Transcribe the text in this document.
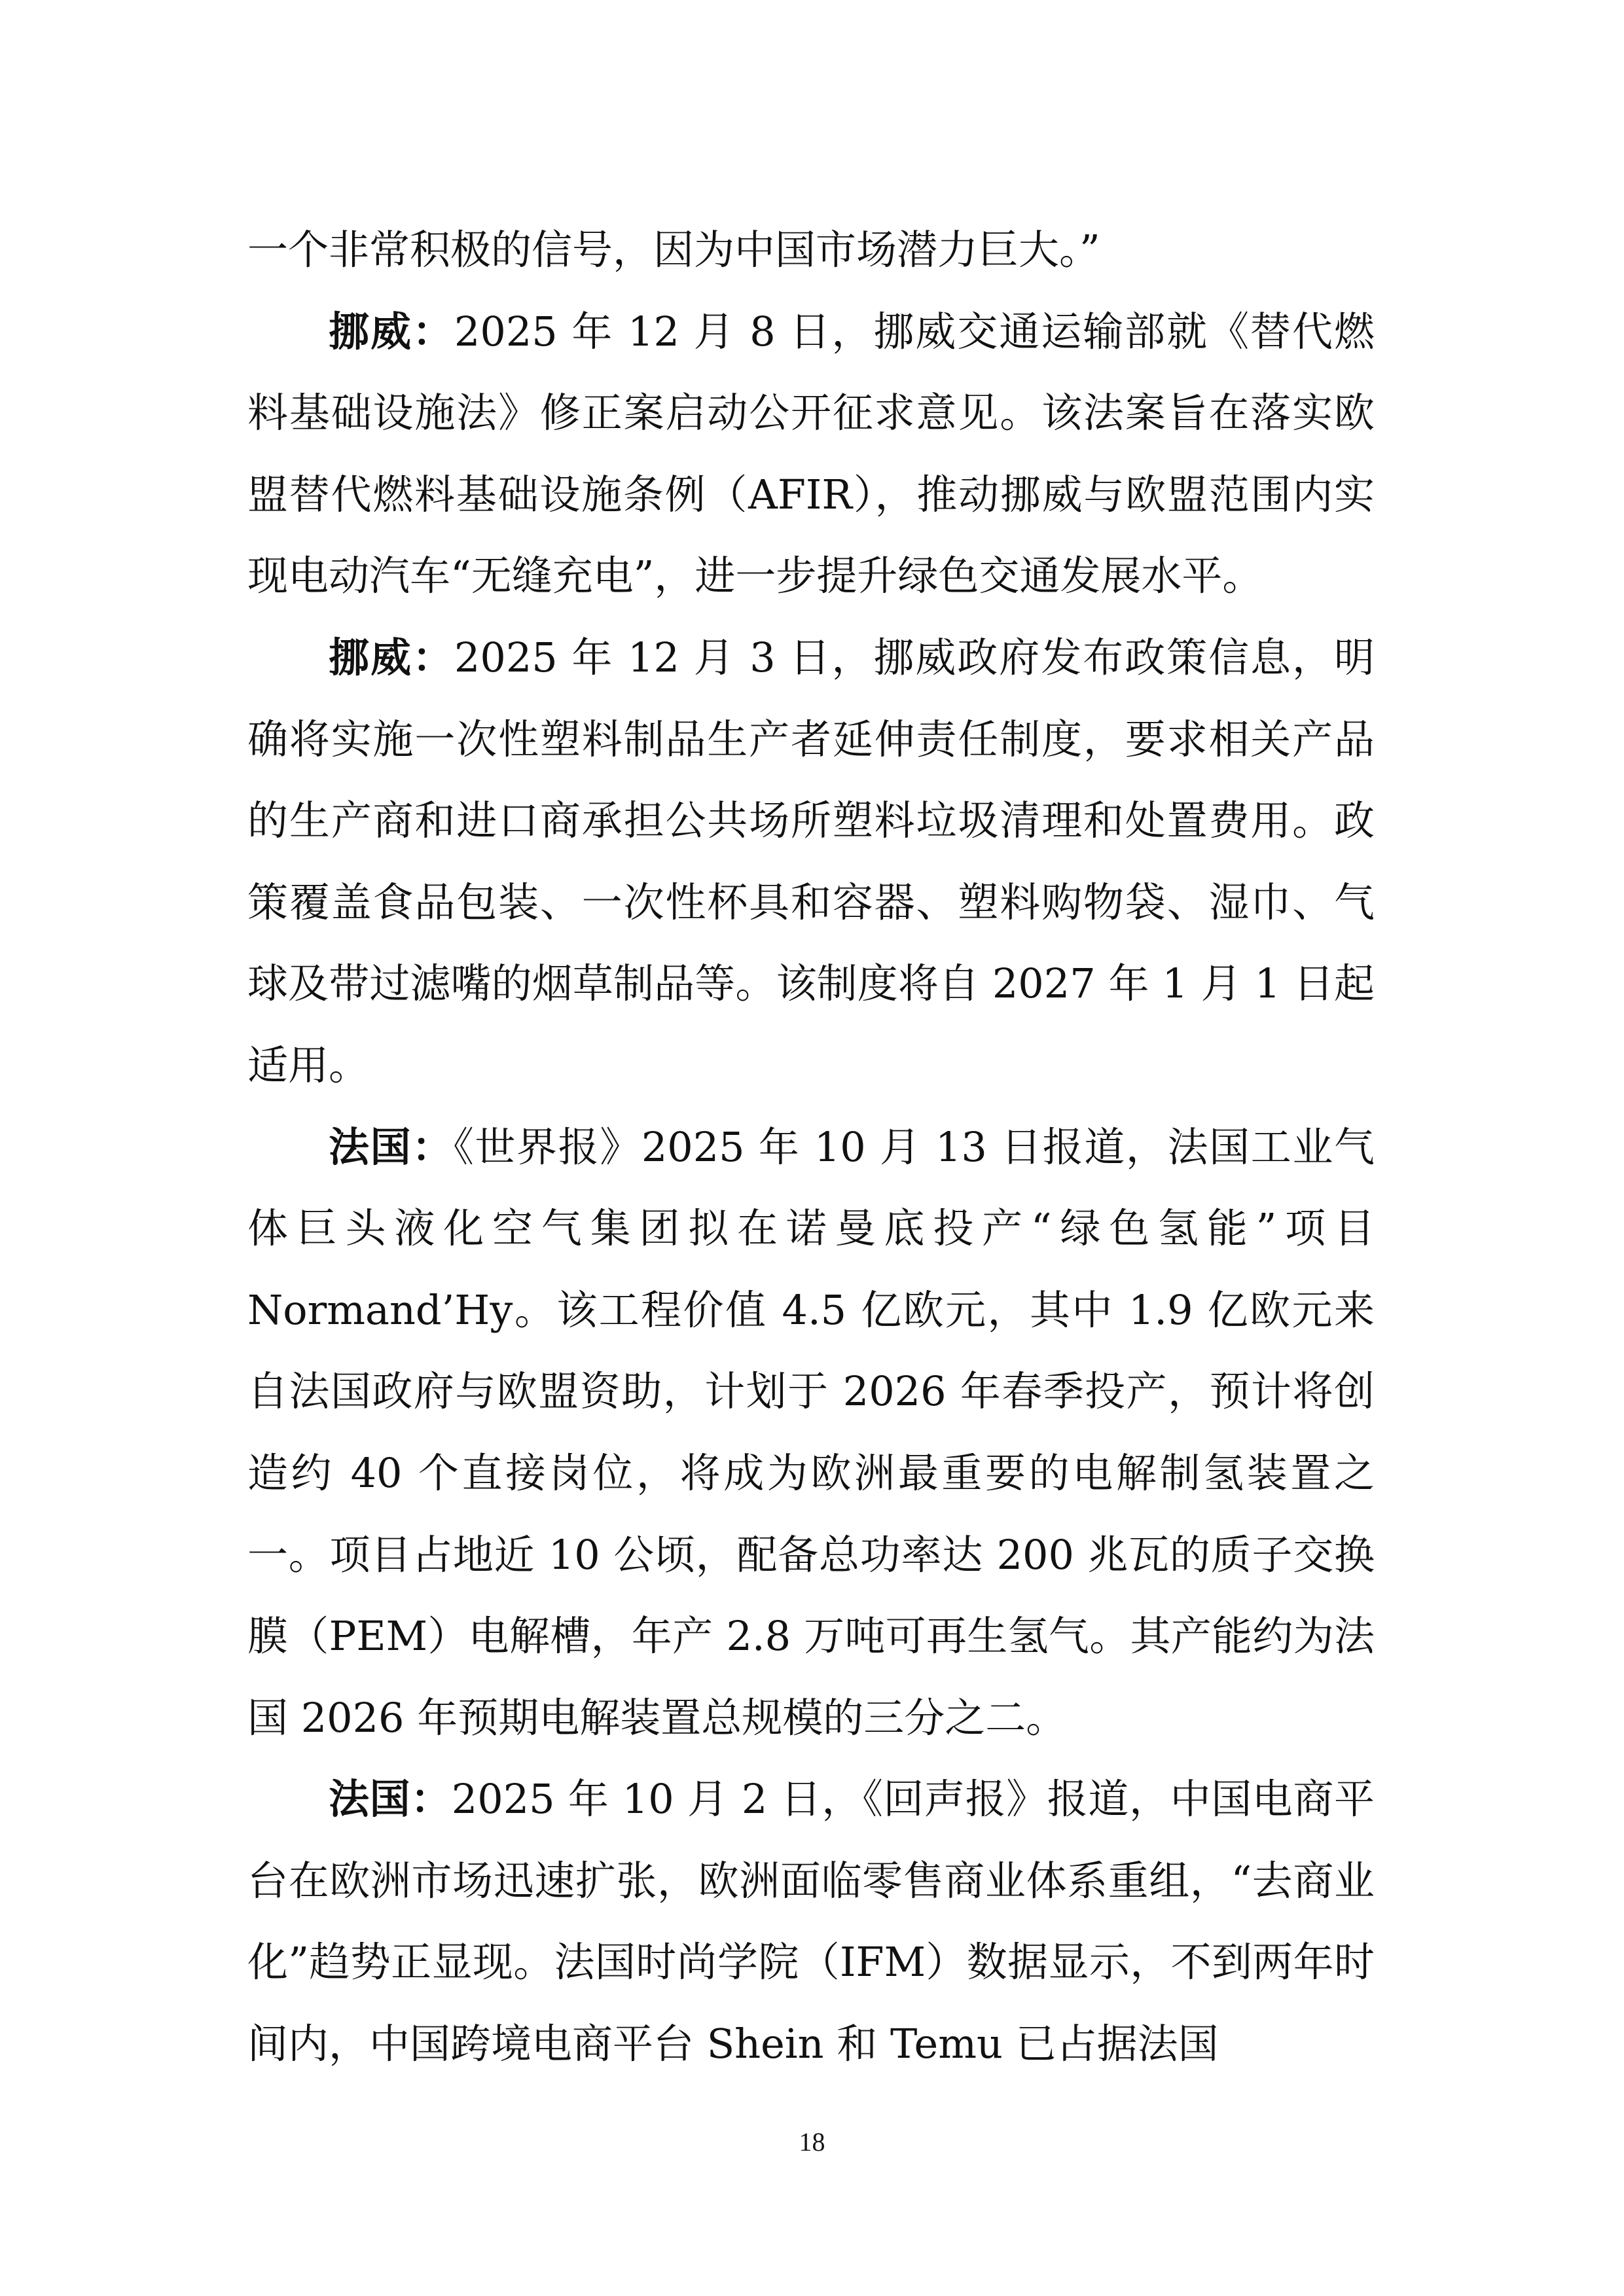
一个非常积极的信号，因为中国市场潜力巨大。”

挪威：2025 年 12 月 8 日，挪威交通运输部就《替代燃料基础设施法》修正案启动公开征求意见。该法案旨在落实欧盟替代燃料基础设施条例（AFIR），推动挪威与欧盟范围内实现电动汽车“无缝充电”，进一步提升绿色交通发展水平。

挪威：2025 年 12 月 3 日，挪威政府发布政策信息，明确将实施一次性塑料制品生产者延伸责任制度，要求相关产品的生产商和进口商承担公共场所塑料垃圾清理和处置费用。政策覆盖食品包装、一次性杯具和容器、塑料购物袋、湿巾、气球及带过滤嘴的烟草制品等。该制度将自 2027 年 1 月 1 日起适用。

法国：《世界报》2025 年 10 月 13 日报道，法国工业气体巨头液化空气集团拟在诺曼底投产“绿色氢能”项目 Normand’Hy。该工程价值 4.5 亿欧元，其中 1.9 亿欧元来自法国政府与欧盟资助，计划于 2026 年春季投产，预计将创造约 40 个直接岗位，将成为欧洲最重要的电解制氢装置之一。项目占地近 10 公顷，配备总功率达 200 兆瓦的质子交换膜（PEM）电解槽，年产 2.8 万吨可再生氢气。其产能约为法国 2026 年预期电解装置总规模的三分之二。

法国：2025 年 10 月 2 日，《回声报》报道，中国电商平台在欧洲市场迅速扩张，欧洲面临零售商业体系重组，“去商业化”趋势正显现。法国时尚学院（IFM）数据显示，不到两年时间内，中国跨境电商平台 Shein 和 Temu 已占据法国

18
